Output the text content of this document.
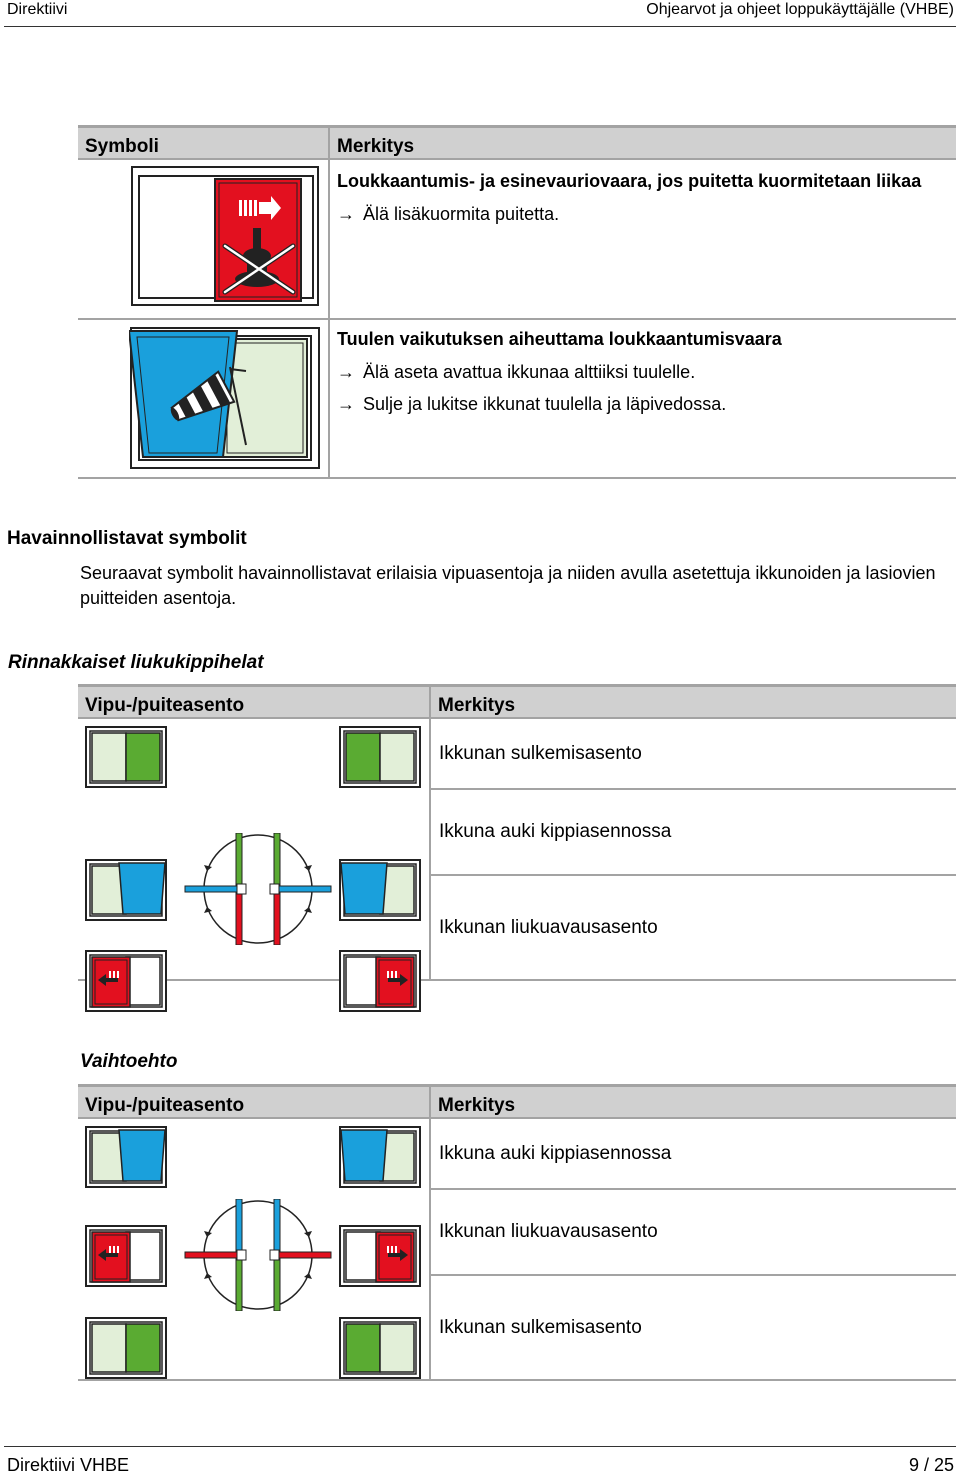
Direktiivi	Ohjearvot ja ohjeet loppukäyttäjälle (VHBE)
Symboli	Merkitys

Loukkaantumis- ja esinevauriovaara, jos puitetta kuormitetaan liikaa
→ Älä lisäkuormita puitetta.

Tuulen vaikutuksen aiheuttama loukkaantumisvaara
→ Älä aseta avattua ikkunaa alttiiksi tuulelle.
→ Sulje ja lukitse ikkunat tuulella ja läpivedossa.
Havainnollistavat symbolit
Seuraavat symbolit havainnollistavat erilaisia vipuasentoja ja niiden avulla asetettuja ikkunoiden ja lasiovien puitteiden asentoja.
Rinnakkaiset liukukippihelat
Vipu-/puiteasento	Merkitys

Ikkunan sulkemisasento

	Ikkuna auki kippiasennossa

	Ikkunan liukuavausasento
Vaihtoehto
Vipu-/puiteasento	Merkitys

Ikkuna auki kippiasennossa

	Ikkunan liukuavausasento

	Ikkunan sulkemisasento
Direktiivi VHBE	9 / 25
